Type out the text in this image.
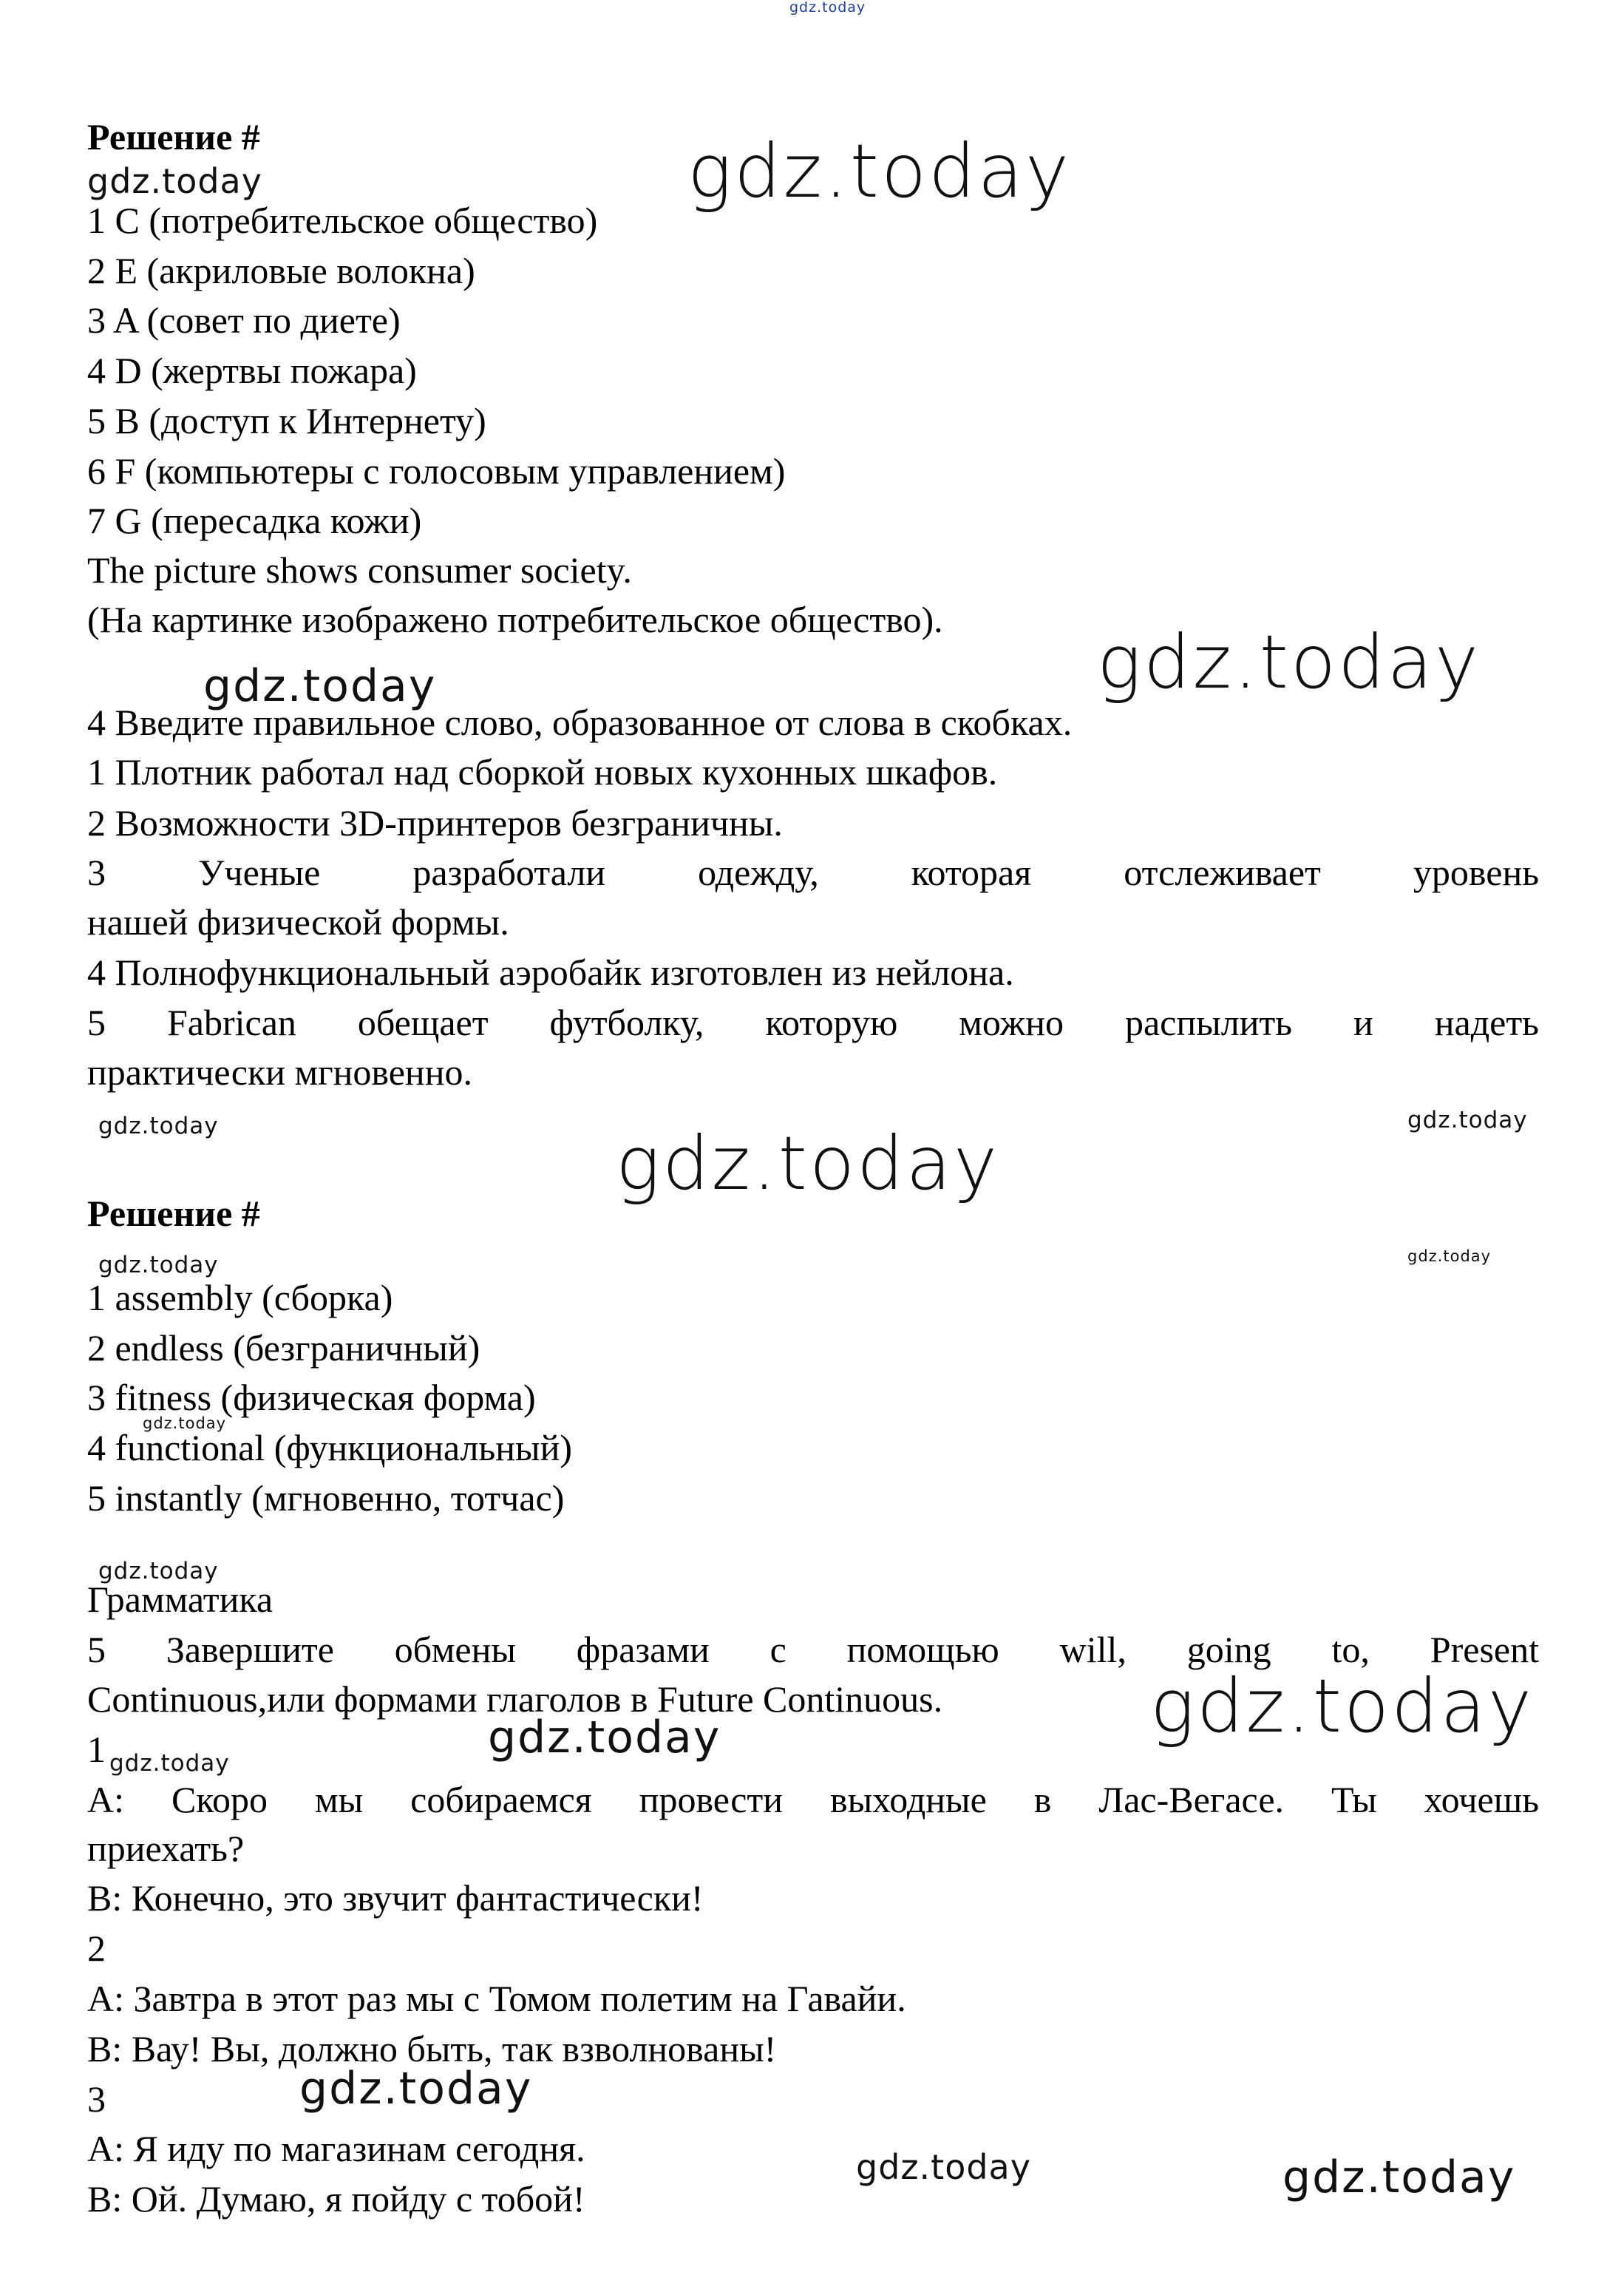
Решение #
1 C (потребительское общество)
2 E (акриловые волокна)
3 A (совет по диете)
4 D (жертвы пожара)
5 B (доступ к Интернету)
6 F (компьютеры с голосовым управлением)
7 G (пересадка кожи)
The picture shows consumer society.
(На картинке изображено потребительское общество).
4 Введите правильное слово, образованное от слова в скобках.
1 Плотник работал над сборкой новых кухонных шкафов.
2 Возможности 3D-принтеров безграничны.
3 Ученые разработали одежду, которая отслеживает уровень
нашей физической формы.
4 Полнофункциональный аэробайк изготовлен из нейлона.
5 Fabrican обещает футболку, которую можно распылить и надеть
практически мгновенно.
Решение #
1 assembly (сборка)
2 endless (безграничный)
3 fitness (физическая форма)
4 functional (функциональный)
5 instantly (мгновенно, тотчас)
Грамматика
5 Завершите обмены фразами с помощью will, going to, Present
Continuous,или формами глаголов в Future Continuous.
1
A: Скоро мы собираемся провести выходные в Лас-Вегасе. Ты хочешь
приехать?
B: Конечно, это звучит фантастически!
2
A: Завтра в этот раз мы с Томом полетим на Гавайи.
B: Вау! Вы, должно быть, так взволнованы!
3
A: Я иду по магазинам сегодня.
B: Ой. Думаю, я пойду с тобой!
gdz.today
gdz.today
gdz.today
gdz.today
gdz.today
gdz.today	gdz.today
gdz.today
gdz.today	gdz.today
gdz.today
gdz.today
gdz.today
gdz.today
gdz.today
gdz.today
gdz.today	gdz.today
